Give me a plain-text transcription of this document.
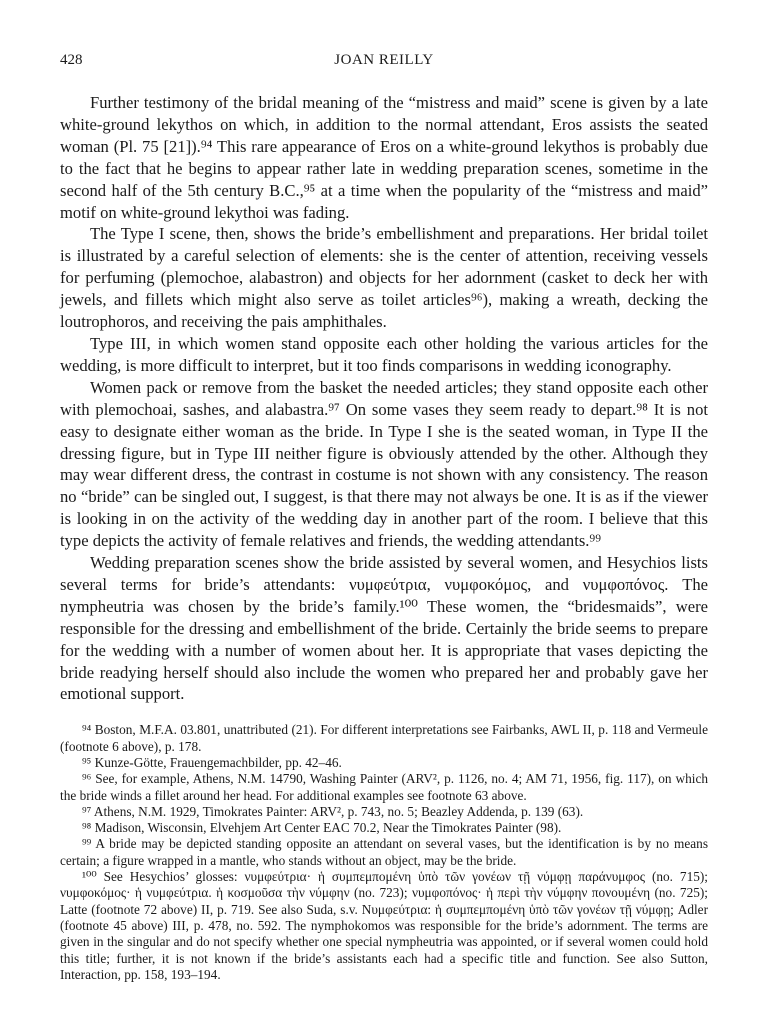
428	JOAN REILLY

Further testimony of the bridal meaning of the “mistress and maid” scene is given by a late white-ground lekythos on which, in addition to the normal attendant, Eros assists the seated woman (Pl. 75 [21]).⁹⁴ This rare appearance of Eros on a white-ground lekythos is probably due to the fact that he begins to appear rather late in wedding preparation scenes, sometime in the second half of the 5th century B.C.,⁹⁵ at a time when the popularity of the “mistress and maid” motif on white-ground lekythoi was fading.

The Type I scene, then, shows the bride’s embellishment and preparations. Her bridal toilet is illustrated by a careful selection of elements: she is the center of attention, receiving vessels for perfuming (plemochoe, alabastron) and objects for her adornment (casket to deck her with jewels, and fillets which might also serve as toilet articles⁹⁶), making a wreath, decking the loutrophoros, and receiving the pais amphithales.

Type III, in which women stand opposite each other holding the various articles for the wedding, is more difficult to interpret, but it too finds comparisons in wedding iconography.

Women pack or remove from the basket the needed articles; they stand opposite each other with plemochoai, sashes, and alabastra.⁹⁷ On some vases they seem ready to depart.⁹⁸ It is not easy to designate either woman as the bride. In Type I she is the seated woman, in Type II the dressing figure, but in Type III neither figure is obviously attended by the other. Although they may wear different dress, the contrast in costume is not shown with any consistency. The reason no “bride” can be singled out, I suggest, is that there may not always be one. It is as if the viewer is looking in on the activity of the wedding day in another part of the room. I believe that this type depicts the activity of female relatives and friends, the wedding attendants.⁹⁹

Wedding preparation scenes show the bride assisted by several women, and Hesychios lists several terms for bride’s attendants: νυμφεύτρια, νυμφοκόμος, and νυμφοπόνος. The nympheutria was chosen by the bride’s family.¹⁰⁰ These women, the “bridesmaids”, were responsible for the dressing and embellishment of the bride. Certainly the bride seems to prepare for the wedding with a number of women about her. It is appropriate that vases depicting the bride readying herself should also include the women who prepared her and probably gave her emotional support.

⁹⁴ Boston, M.F.A. 03.801, unattributed (21). For different interpretations see Fairbanks, AWL II, p. 118 and Vermeule (footnote 6 above), p. 178.

⁹⁵ Kunze-Götte, Frauengemachbilder, pp. 42–46.

⁹⁶ See, for example, Athens, N.M. 14790, Washing Painter (ARV², p. 1126, no. 4; AM 71, 1956, fig. 117), on which the bride winds a fillet around her head. For additional examples see footnote 63 above.

⁹⁷ Athens, N.M. 1929, Timokrates Painter: ARV², p. 743, no. 5; Beazley Addenda, p. 139 (63).

⁹⁸ Madison, Wisconsin, Elvehjem Art Center EAC 70.2, Near the Timokrates Painter (98).

⁹⁹ A bride may be depicted standing opposite an attendant on several vases, but the identification is by no means certain; a figure wrapped in a mantle, who stands without an object, may be the bride.

¹⁰⁰ See Hesychios’ glosses: νυμφεύτρια· ἡ συμπεμπομένη ὑπὸ τῶν γονέων τῇ νύμφῃ παράνυμφος (no. 715); νυμφοκόμος· ἡ νυμφεύτρια. ἡ κοσμοῦσα τὴν νύμφην (no. 723); νυμφοπόνος· ἡ περὶ τὴν νύμφην πονουμένη (no. 725); Latte (footnote 72 above) II, p. 719. See also Suda, s.v. Νυμφεύτρια: ἡ συμπεμπομένη ὑπὸ τῶν γονέων τῇ νύμφῃ; Adler (footnote 45 above) III, p. 478, no. 592. The nymphokomos was responsible for the bride’s adornment. The terms are given in the singular and do not specify whether one special nympheutria was appointed, or if several women could hold this title; further, it is not known if the bride’s assistants each had a specific title and function. See also Sutton, Interaction, pp. 158, 193–194.
